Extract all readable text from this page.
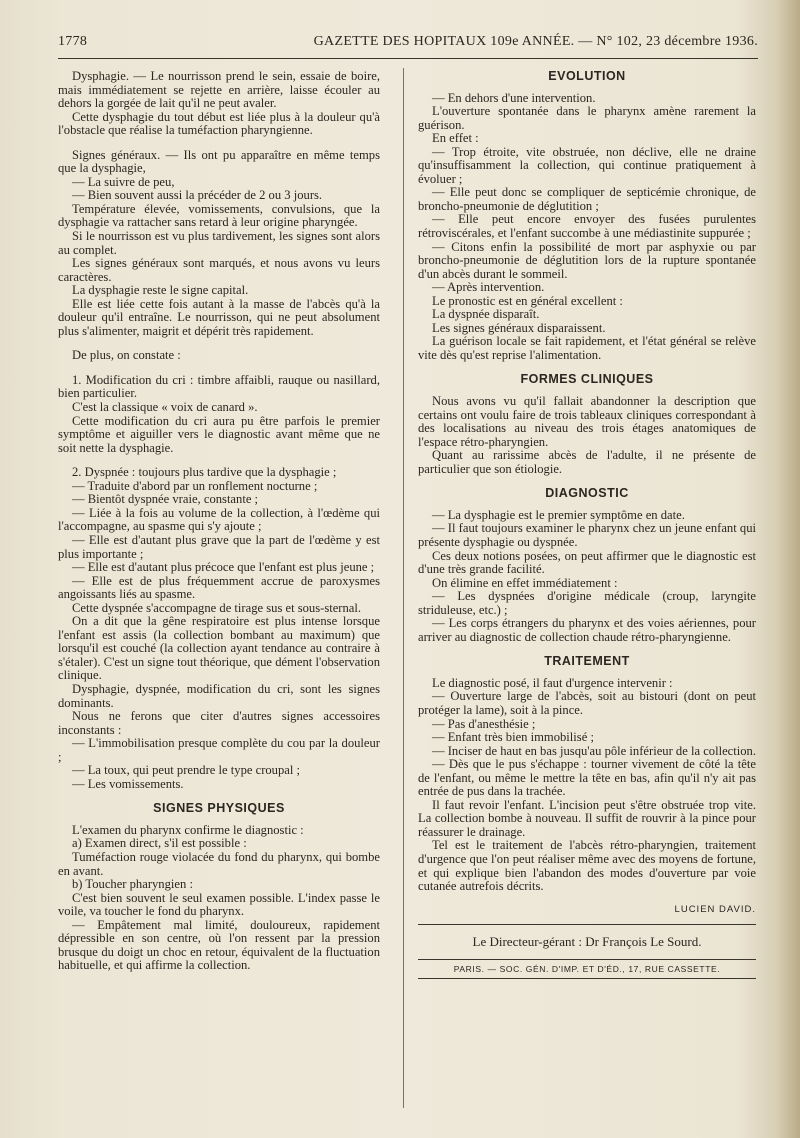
1778	GAZETTE DES HOPITAUX 109e ANNÉE. — N° 102, 23 décembre 1936.

Dysphagie. — Le nourrisson prend le sein, essaie de boire, mais immédiatement se rejette en arrière, laisse écouler au dehors la gorgée de lait qu'il ne peut avaler.

Cette dysphagie du tout début est liée plus à la douleur qu'à l'obstacle que réalise la tuméfaction pharyngienne.

Signes généraux. — Ils ont pu apparaître en même temps que la dysphagie,

— La suivre de peu,

— Bien souvent aussi la précéder de 2 ou 3 jours.

Température élevée, vomissements, convulsions, que la dysphagie va rattacher sans retard à leur origine pharyngée.

Si le nourrisson est vu plus tardivement, les signes sont alors au complet.

Les signes généraux sont marqués, et nous avons vu leurs caractères.

La dysphagie reste le signe capital.

Elle est liée cette fois autant à la masse de l'abcès qu'à la douleur qu'il entraîne. Le nourrisson, qui ne peut absolument plus s'alimenter, maigrit et dépérit très rapidement.

De plus, on constate :

1. Modification du cri : timbre affaibli, rauque ou nasillard, bien particulier.

C'est la classique « voix de canard ».

Cette modification du cri aura pu être parfois le premier symptôme et aiguiller vers le diagnostic avant même que ne soit nette la dysphagie.

2. Dyspnée : toujours plus tardive que la dysphagie ;

— Traduite d'abord par un ronflement nocturne ;

— Bientôt dyspnée vraie, constante ;

— Liée à la fois au volume de la collection, à l'œdème qui l'accompagne, au spasme qui s'y ajoute ;

— Elle est d'autant plus grave que la part de l'œdème y est plus importante ;

— Elle est d'autant plus précoce que l'enfant est plus jeune ;

— Elle est de plus fréquemment accrue de paroxysmes angoissants liés au spasme.

Cette dyspnée s'accompagne de tirage sus et sous-sternal.

On a dit que la gêne respiratoire est plus intense lorsque l'enfant est assis (la collection bombant au maximum) que lorsqu'il est couché (la collection ayant tendance au contraire à s'étaler). C'est un signe tout théorique, que dément l'observation clinique.

Dysphagie, dyspnée, modification du cri, sont les signes dominants.

Nous ne ferons que citer d'autres signes accessoires inconstants :

— L'immobilisation presque complète du cou par la douleur ;

— La toux, qui peut prendre le type croupal ;

— Les vomissements.

SIGNES PHYSIQUES

L'examen du pharynx confirme le diagnostic :

a) Examen direct, s'il est possible :

Tuméfaction rouge violacée du fond du pharynx, qui bombe en avant.

b) Toucher pharyngien :

C'est bien souvent le seul examen possible. L'index passe le voile, va toucher le fond du pharynx.

— Empâtement mal limité, douloureux, rapidement dépressible en son centre, où l'on ressent par la pression brusque du doigt un choc en retour, équivalent de la fluctuation habituelle, et qui affirme la collection.

EVOLUTION

— En dehors d'une intervention.

L'ouverture spontanée dans le pharynx amène rarement la guérison.

En effet :

— Trop étroite, vite obstruée, non déclive, elle ne draine qu'insuffisamment la collection, qui continue pratiquement à évoluer ;

— Elle peut donc se compliquer de septicémie chronique, de broncho-pneumonie de déglutition ;

— Elle peut encore envoyer des fusées purulentes rétroviscérales, et l'enfant succombe à une médiastinite suppurée ;

— Citons enfin la possibilité de mort par asphyxie ou par broncho-pneumonie de déglutition lors de la rupture spontanée d'un abcès durant le sommeil.

— Après intervention.

Le pronostic est en général excellent :

La dyspnée disparaît.

Les signes généraux disparaissent.

La guérison locale se fait rapidement, et l'état général se relève vite dès qu'est reprise l'alimentation.

FORMES CLINIQUES

Nous avons vu qu'il fallait abandonner la description que certains ont voulu faire de trois tableaux cliniques correspondant à des localisations au niveau des trois étages anatomiques de l'espace rétro-pharyngien.

Quant au rarissime abcès de l'adulte, il ne présente de particulier que son étiologie.

DIAGNOSTIC

— La dysphagie est le premier symptôme en date.

— Il faut toujours examiner le pharynx chez un jeune enfant qui présente dysphagie ou dyspnée.

Ces deux notions posées, on peut affirmer que le diagnostic est d'une très grande facilité.

On élimine en effet immédiatement :

— Les dyspnées d'origine médicale (croup, laryngite striduleuse, etc.) ;

— Les corps étrangers du pharynx et des voies aériennes, pour arriver au diagnostic de collection chaude rétro-pharyngienne.

TRAITEMENT

Le diagnostic posé, il faut d'urgence intervenir :

— Ouverture large de l'abcès, soit au bistouri (dont on peut protéger la lame), soit à la pince.

— Pas d'anesthésie ;

— Enfant très bien immobilisé ;

— Inciser de haut en bas jusqu'au pôle inférieur de la collection.

— Dès que le pus s'échappe : tourner vivement de côté la tête de l'enfant, ou même le mettre la tête en bas, afin qu'il n'y ait pas entrée de pus dans la trachée.

Il faut revoir l'enfant. L'incision peut s'être obstruée trop vite. La collection bombe à nouveau. Il suffit de rouvrir à la pince pour réassurer le drainage.

Tel est le traitement de l'abcès rétro-pharyngien, traitement d'urgence que l'on peut réaliser même avec des moyens de fortune, et qui explique bien l'abandon des modes d'ouverture par voie cutanée autrefois décrits.

LUCIEN DAVID.
Le Directeur-gérant : Dr François Le Sourd.
PARIS. — SOC. GÉN. D'IMP. ET D'ÉD., 17, RUE CASSETTE.
